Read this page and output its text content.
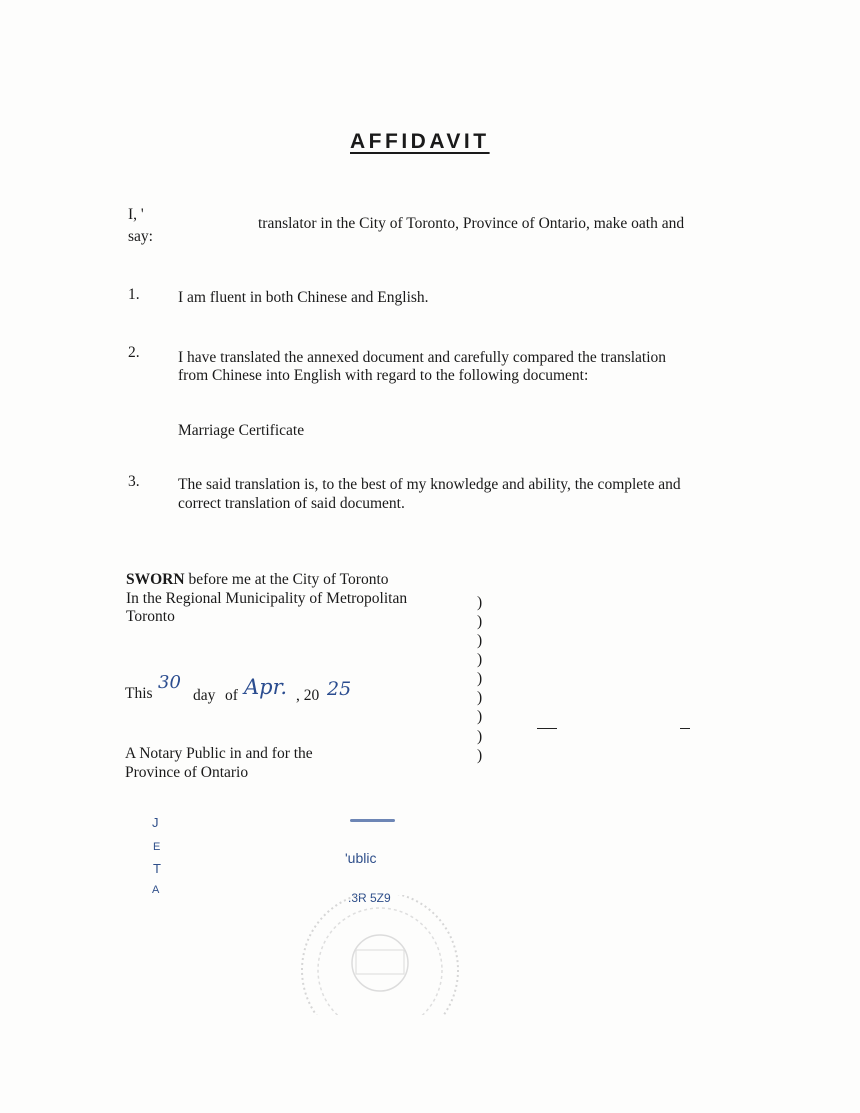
AFFIDAVIT
I, '
translator in the City of Toronto, Province of Ontario, make oath and
say:
1. I am fluent in both Chinese and English.
2. I have translated the annexed document and carefully compared the translation
from Chinese into English with regard to the following document:
Marriage Certificate
3. The said translation is, to the best of my knowledge and ability, the complete and
correct translation of said document.
SWORN before me at the City of Toronto
In the Regional Municipality of Metropolitan
Toronto
This
30
day of Apr. , 20 25
A Notary Public in and for the
Province of Ontario
)
)
)
)
)
)
)
)
)
J
E
T
A
'ublic
.3R 5Z9
